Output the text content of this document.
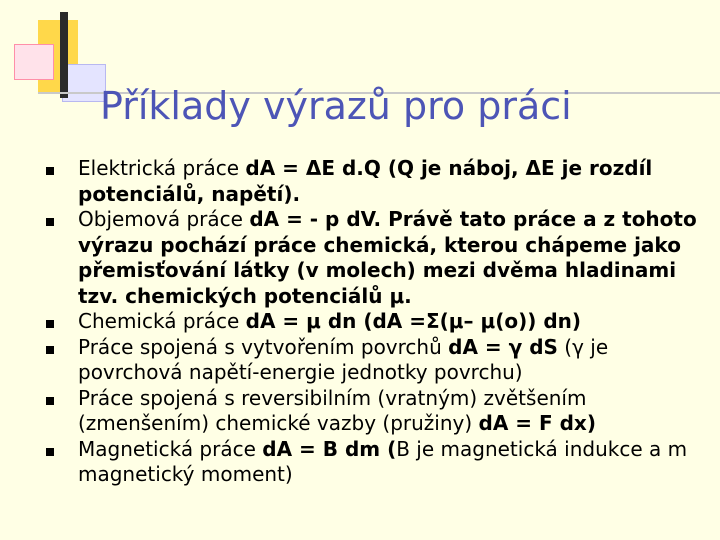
Příklady výrazů pro práci
Elektrická práce dA = ΔE d.Q (Q je náboj, ΔE je rozdíl potenciálů, napětí).
Objemová práce dA = - p dV. Právě tato práce a z tohoto výrazu pochází práce chemická, kterou chápeme jako přemisťování látky (v molech) mezi dvěma hladinami tzv. chemických potenciálů μ.
Chemická práce dA = μ dn (dA =Σ(μ– μ(o)) dn)
Práce spojená s vytvořením povrchů dA = γ dS (γ je povrchová napětí-energie jednotky povrchu)
Práce spojená s reversibilním (vratným) zvětšením (zmenšením) chemické vazby (pružiny) dA = F dx)
Magnetická práce dA = B dm (B je magnetická indukce a m magnetický moment)
